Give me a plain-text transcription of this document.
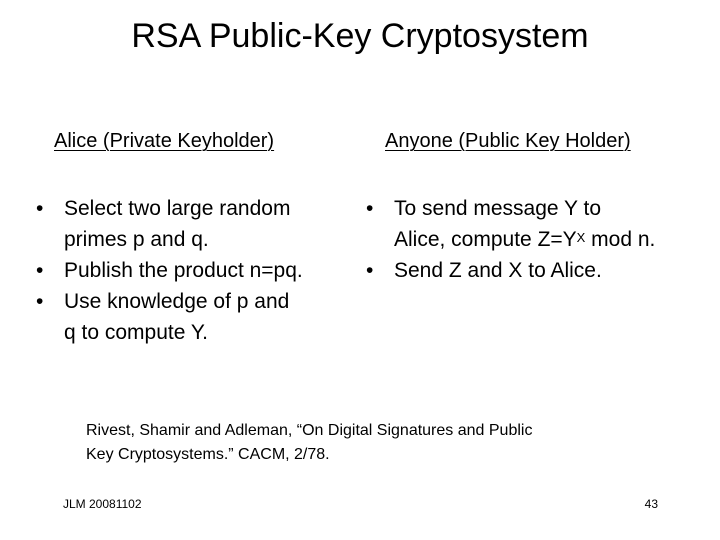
RSA Public-Key Cryptosystem
Alice (Private Keyholder)	Anyone (Public Key Holder)
• Select two large random
primes p and q.
• Publish the product n=pq.
• Use knowledge of p and
q to compute Y.
• To send message Y to
Alice, compute $Z=Y^X$ mod n.
• Send Z and X to Alice.
Rivest, Shamir and Adleman, “On Digital Signatures and Public
Key Cryptosystems.” CACM, 2/78.
JLM 20081102	43
